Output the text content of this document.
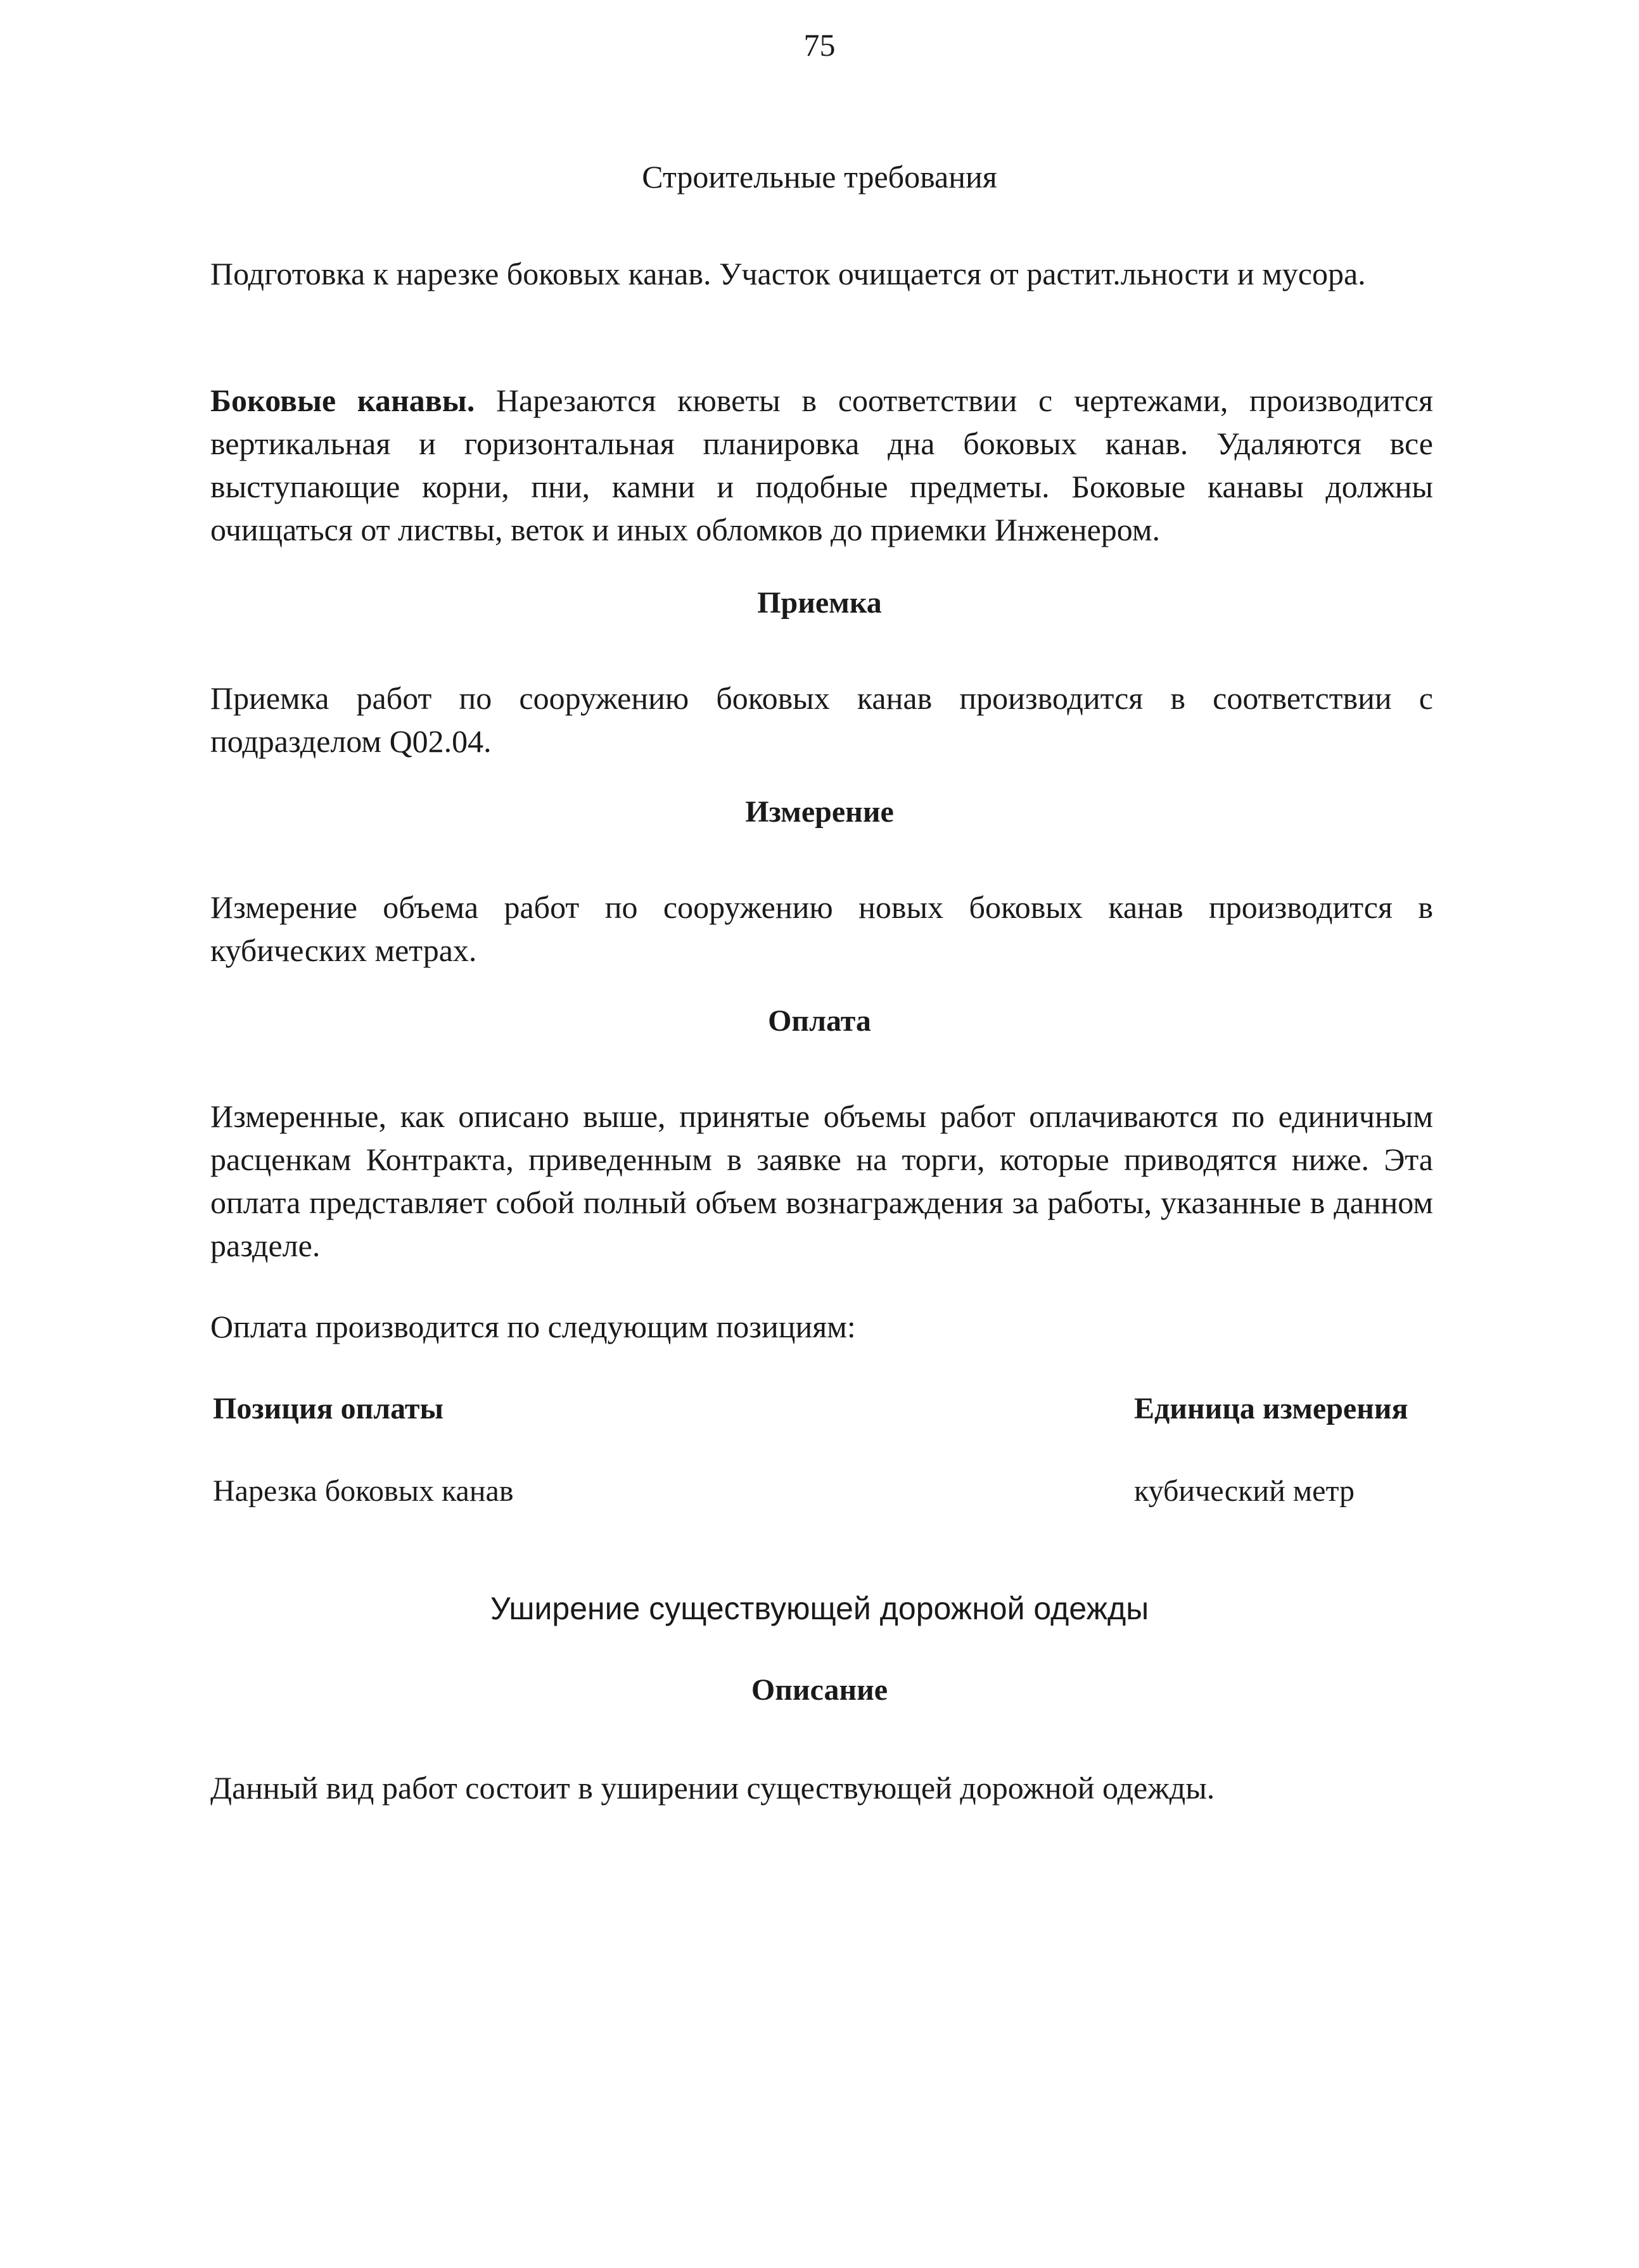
75
Строительные требования

Подготовка к нарезке боковых канав. Участок очищается от растит.льности и мусора.

Боковые канавы. Нарезаются кюветы в соответствии с чертежами, производится вертикальная и горизонтальная планировка дна боковых канав. Удаляются все выступающие корни, пни, камни и подобные предметы. Боковые канавы должны очищаться от листвы, веток и иных обломков до приемки Инженером.

Приемка

Приемка работ по сооружению боковых канав производится в соответствии с подразделом Q02.04.

Измерение

Измерение объема работ по сооружению новых боковых канав производится в кубических метрах.

Оплата

Измеренные, как описано выше, принятые объемы работ оплачиваются по единичным расценкам Контракта, приведенным в заявке на торги, которые приводятся ниже. Эта оплата представляет собой полный объем вознаграждения за работы, указанные в данном разделе.

Оплата производится по следующим позициям:

Позиция оплаты	Единица измерения
Нарезка боковых канав	кубический метр
Уширение существующей дорожной одежды
Описание

Данный вид работ состоит в уширении существующей дорожной одежды.
